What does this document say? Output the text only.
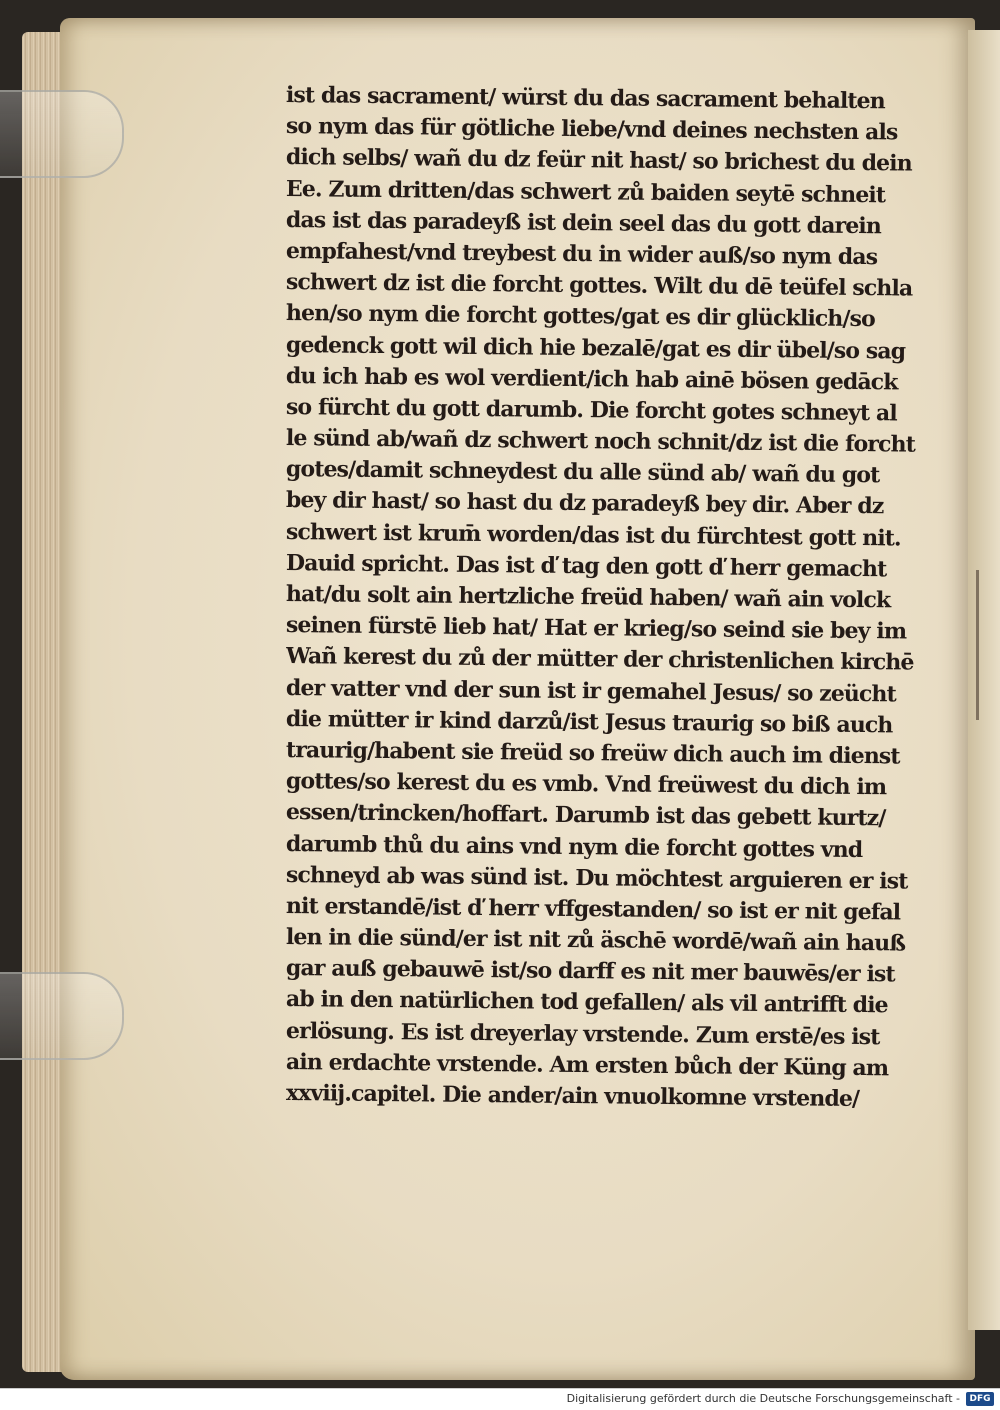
ist das sacrament/ würst du das sacrament behalten
so nym das für götliche liebe/vnd deines nechsten als
dich selbs/ wañ du dz feür nit hast/ so brichest du dein
Ee. Zum dritten/das schwert zů baiden seytē schneit
das ist das paradeyß ist dein seel das du gott darein
empfahest/vnd treybest du in wider auß/so nym das
schwert dz ist die forcht gottes. Wilt du dē teüfel schla
hen/so nym die forcht gottes/gat es dir glücklich/so
gedenck gott wil dich hie bezalē/gat es dir übel/so sag
du ich hab es wol verdient/ich hab ainē bösen gedāck
so fürcht du gott darumb. Die forcht gotes schneyt al
le sünd ab/wañ dz schwert noch schnit/dz ist die forcht
gotes/damit schneydest du alle sünd ab/ wañ du got
bey dir hast/ so hast du dz paradeyß bey dir. Aber dz
schwert ist krum̄ worden/das ist du fürchtest gott nit.
Dauid spricht. Das ist ď tag den gott ď herr gemacht
hat/du solt ain hertzliche freüd haben/ wañ ain volck
seinen fürstē lieb hat/ Hat er krieg/so seind sie bey im
Wañ kerest du zů der mütter der christenlichen kirchē
der vatter vnd der sun ist ir gemahel Jesus/ so zeücht
die mütter ir kind darzů/ist Jesus traurig so biß auch
traurig/habent sie freüd so freüw dich auch im dienst
gottes/so kerest du es vmb. Vnd freüwest du dich im
essen/trincken/hoffart. Darumb ist das gebett kurtz/
darumb thů du ains vnd nym die forcht gottes vnd
schneyd ab was sünd ist. Du möchtest arguieren er ist
nit erstandē/ist ď herr vffgestanden/ so ist er nit gefal
len in die sünd/er ist nit zů äschē wordē/wañ ain hauß
gar auß gebauwē ist/so darff es nit mer bauwēs/er ist
ab in den natürlichen tod gefallen/ als vil antrifft die
erlösung. Es ist dreyerlay vrstende. Zum erstē/es ist
ain erdachte vrstende. Am ersten bůch der Küng am
xxviij.capitel. Die ander/ain vnuolkomne vrstende/
Digitalisierung gefördert durch die Deutsche Forschungsgemeinschaft -	DFG
